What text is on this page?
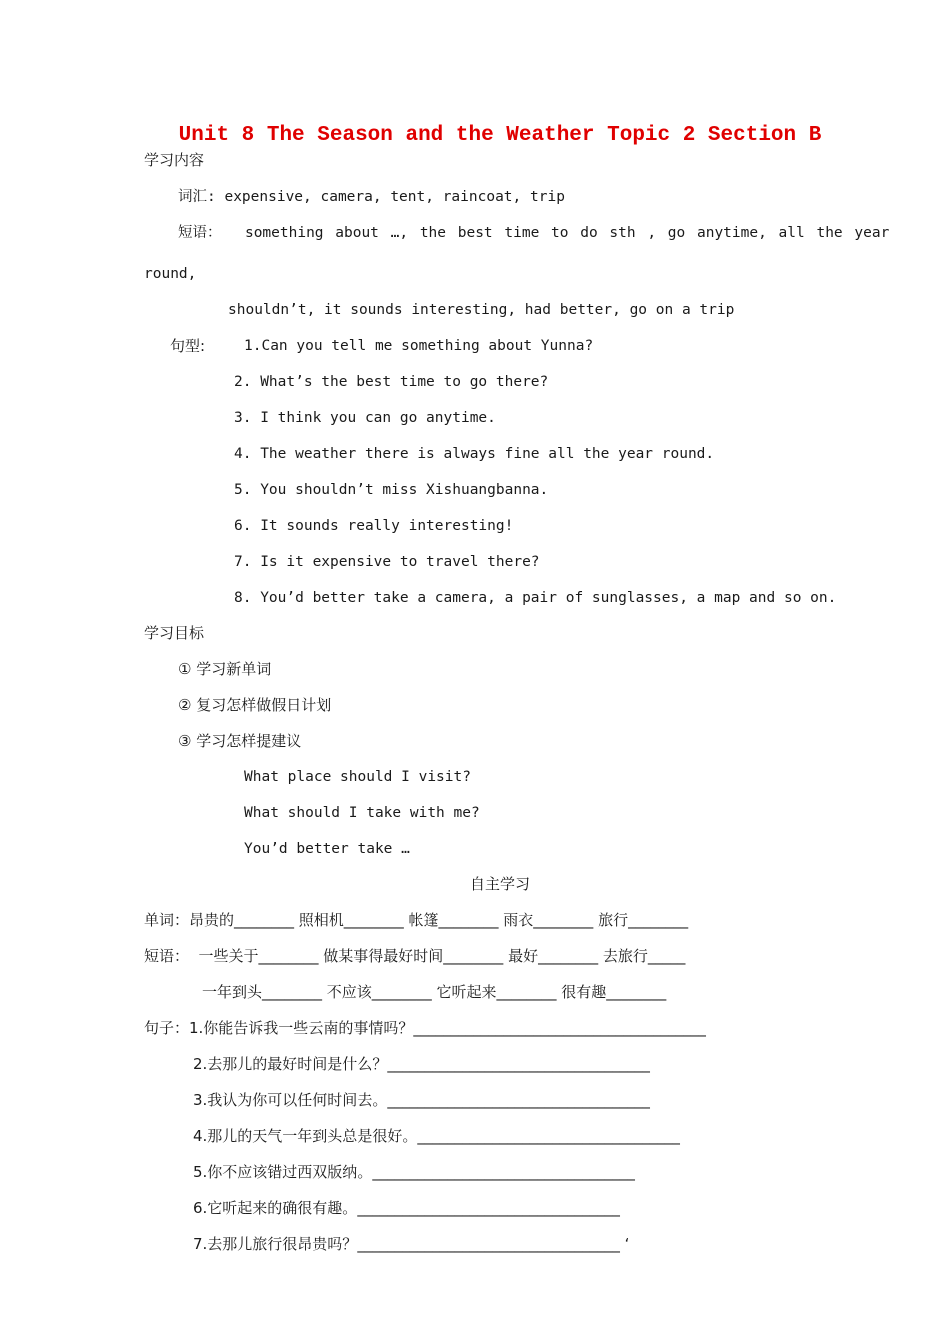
Unit 8 The Season and the Weather Topic 2 Section B
学习内容
词汇: expensive, camera, tent, raincoat, trip
短语：  something about …, the best time to do sth , go anytime, all the year
round,
shouldn’t, it sounds interesting, had better, go on a trip
句型:	1.Can you tell me something about Yunna?
2. What’s the best time to go there?
3. I think you can go anytime.
4. The weather there is always fine all the year round.
5. You shouldn’t miss Xishuangbanna.
6. It sounds really interesting!
7. Is it expensive to travel there?
8. You’d better take a camera, a pair of sunglasses, a map and so on.
学习目标
① 学习新单词
② 复习怎样做假日计划
③ 学习怎样提建议
What place should I visit?
What should I take with me?
You’d better take …
自主学习
单词：昂贵的________ 照相机________ 帐篷________ 雨衣________ 旅行________
短语：  一些关于________ 做某事得最好时间________ 最好________ 去旅行_____
一年到头________ 不应该________ 它听起来________ 很有趣________
句子：1.你能告诉我一些云南的事情吗？_______________________________________
2.去那儿的最好时间是什么？___________________________________
3.我认为你可以任何时间去。___________________________________
4.那儿的天气一年到头总是很好。___________________________________
5.你不应该错过西双版纳。___________________________________
6.它听起来的确很有趣。___________________________________
7.去那儿旅行很昂贵吗？___________________________________ ‘
